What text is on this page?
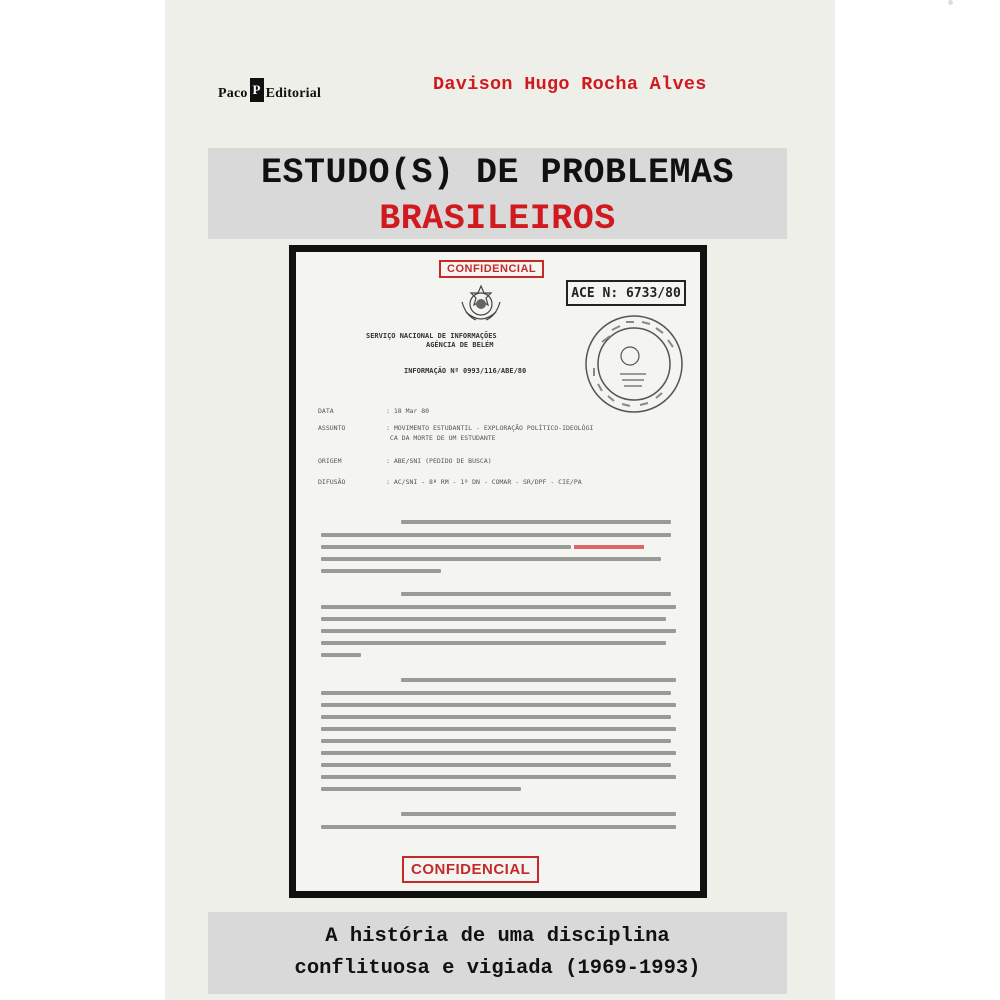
Paco P Editorial	Davison Hugo Rocha Alves
ESTUDO(S) DE PROBLEMAS
BRASILEIROS
CONFIDENCIAL
ACE N: 6733/80
SERVIÇO NACIONAL DE INFORMAÇÕES
AGÊNCIA DE BELÉM
INFORMAÇÃO Nº 0993/116/ABE/80
DATA	: 18 Mar 80
ASSUNTO	: MOVIMENTO ESTUDANTIL - EXPLORAÇÃO POLÍTICO-IDEOLÓGI
CA DA MORTE DE UM ESTUDANTE
ORIGEM	: ABE/SNI (PEDIDO DE BUSCA)
DIFUSÃO	: AC/SNI - 8ª RM - 1º DN - COMAR - SR/DPF - CIE/PA
CONFIDENCIAL
A história de uma disciplina
conflituosa e vigiada (1969-1993)
